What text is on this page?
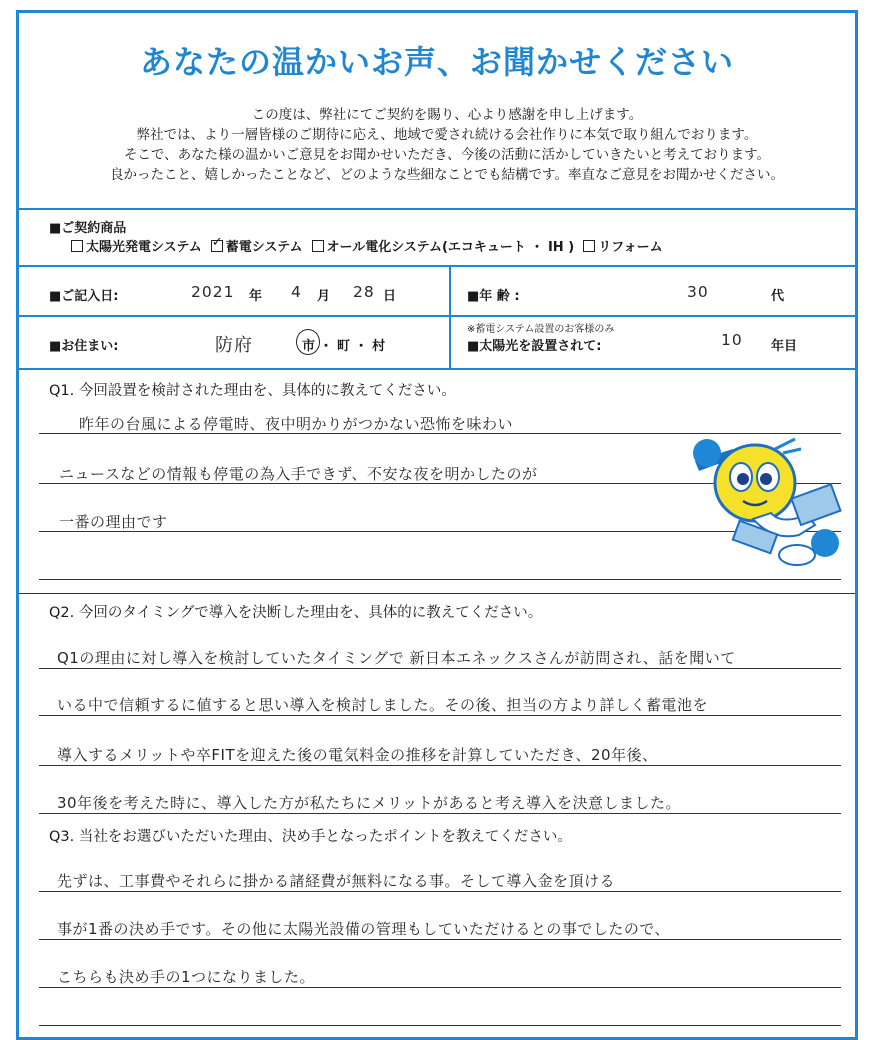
あなたの温かいお声、お聞かせください
この度は、弊社にてご契約を賜り、心より感謝を申し上げます。
弊社では、より一層皆様のご期待に応え、地域で愛され続ける会社作りに本気で取り組んでおります。
そこで、あなた様の温かいご意見をお聞かせいただき、今後の活動に活かしていきたいと考えております。
良かったこと、嬉しかったことなど、どのような些細なことでも結構です。率直なご意見をお聞かせください。
■ご契約商品
太陽光発電システム  ✓ 蓄電システム オール電化システム(エコキュート ・ IH ) リフォーム
■ご記入日:	2021 年 4 月 28 日	■年 齢 :	30	代
■お住まい:	防府	市 ・ 町 ・ 村
※蓄電システム設置のお客様のみ
■太陽光を設置されて:	10 年目
Q1. 今回設置を検討された理由を、具体的に教えてください。
昨年の台風による停電時、夜中明かりがつかない恐怖を味わい
ニュースなどの情報も停電の為入手できず、不安な夜を明かしたのが
一番の理由です
Q2. 今回のタイミングで導入を決断した理由を、具体的に教えてください。
Q1の理由に対し導入を検討していたタイミングで 新日本エネックスさんが訪問され、話を聞いて
いる中で信頼するに値すると思い導入を検討しました。その後、担当の方より詳しく蓄電池を
導入するメリットや卒FITを迎えた後の電気料金の推移を計算していただき、20年後、
30年後を考えた時に、導入した方が私たちにメリットがあると考え導入を決意しました。
Q3. 当社をお選びいただいた理由、決め手となったポイントを教えてください。
先ずは、工事費やそれらに掛かる諸経費が無料になる事。そして導入金を頂ける
事が1番の決め手です。その他に太陽光設備の管理もしていただけるとの事でしたので、
こちらも決め手の1つになりました。
